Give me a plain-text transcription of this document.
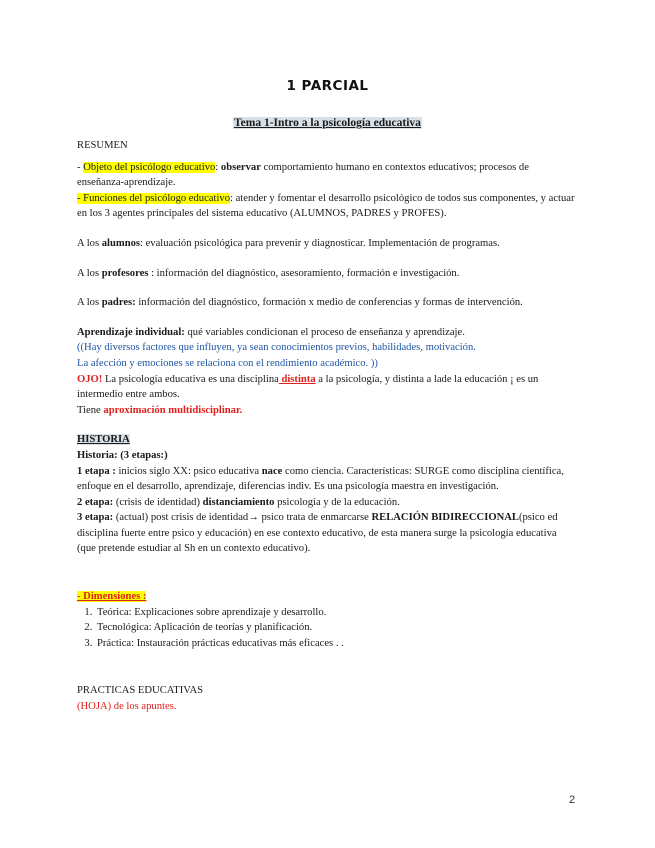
1 PARCIAL
Tema 1-Intro a la psicología educativa

RESUMEN

- Objeto del psicólogo educativo: observar comportamiento humano en contextos educativos; procesos de enseñanza-aprendizaje.

- Funciones del psicólogo educativo: atender y fomentar el desarrollo psicológico de todos sus componentes, y actuar en los 3 agentes principales del sistema educativo (ALUMNOS, PADRES y PROFES).

A los alumnos: evaluación psicológica para prevenir y diagnosticar. Implementación de programas.

A los profesores : información del diagnóstico, asesoramiento, formación e investigación.

A los padres: información del diagnóstico, formación x medio de conferencias y formas de intervención.

Aprendizaje individual: qué variables condicionan el proceso de enseñanza y aprendizaje.

((Hay diversos factores que influyen, ya sean conocimientos previos, habilidades, motivación.

La afección y emociones se relaciona con el rendimiento académico. ))

OJO! La psicología educativa es una disciplina distinta a la psicología, y distinta a lade la educación ¡ es un intermedio entre ambos.

Tiene aproximación multidisciplinar.

HISTORIA

Historia: (3 etapas:)

1 etapa : inicios siglo XX: psico educativa nace como ciencia. Características: SURGE como disciplina científica, enfoque en el desarrollo, aprendizaje, diferencias indiv. Es una psicología maestra en investigación.

2 etapa: (crisis de identidad) distanciamiento psicología y de la educación.

3 etapa: (actual) post crisis de identidad→ psico trata de enmarcarse RELACIÓN BIDIRECCIONAL(psico ed disciplina fuerte entre psico y educación) en ese contexto educativo, de esta manera surge la psicología educativa (que pretende estudiar al Sh en un contexto educativo).

- Dimensiones :

1. Teórica: Explicaciones sobre aprendizaje y desarrollo.
2. Tecnológica: Aplicación de teorías y planificación.
3. Práctica: Instauración prácticas educativas más eficaces . .

PRACTICAS EDUCATIVAS

(HOJA) de los apuntes.

2
